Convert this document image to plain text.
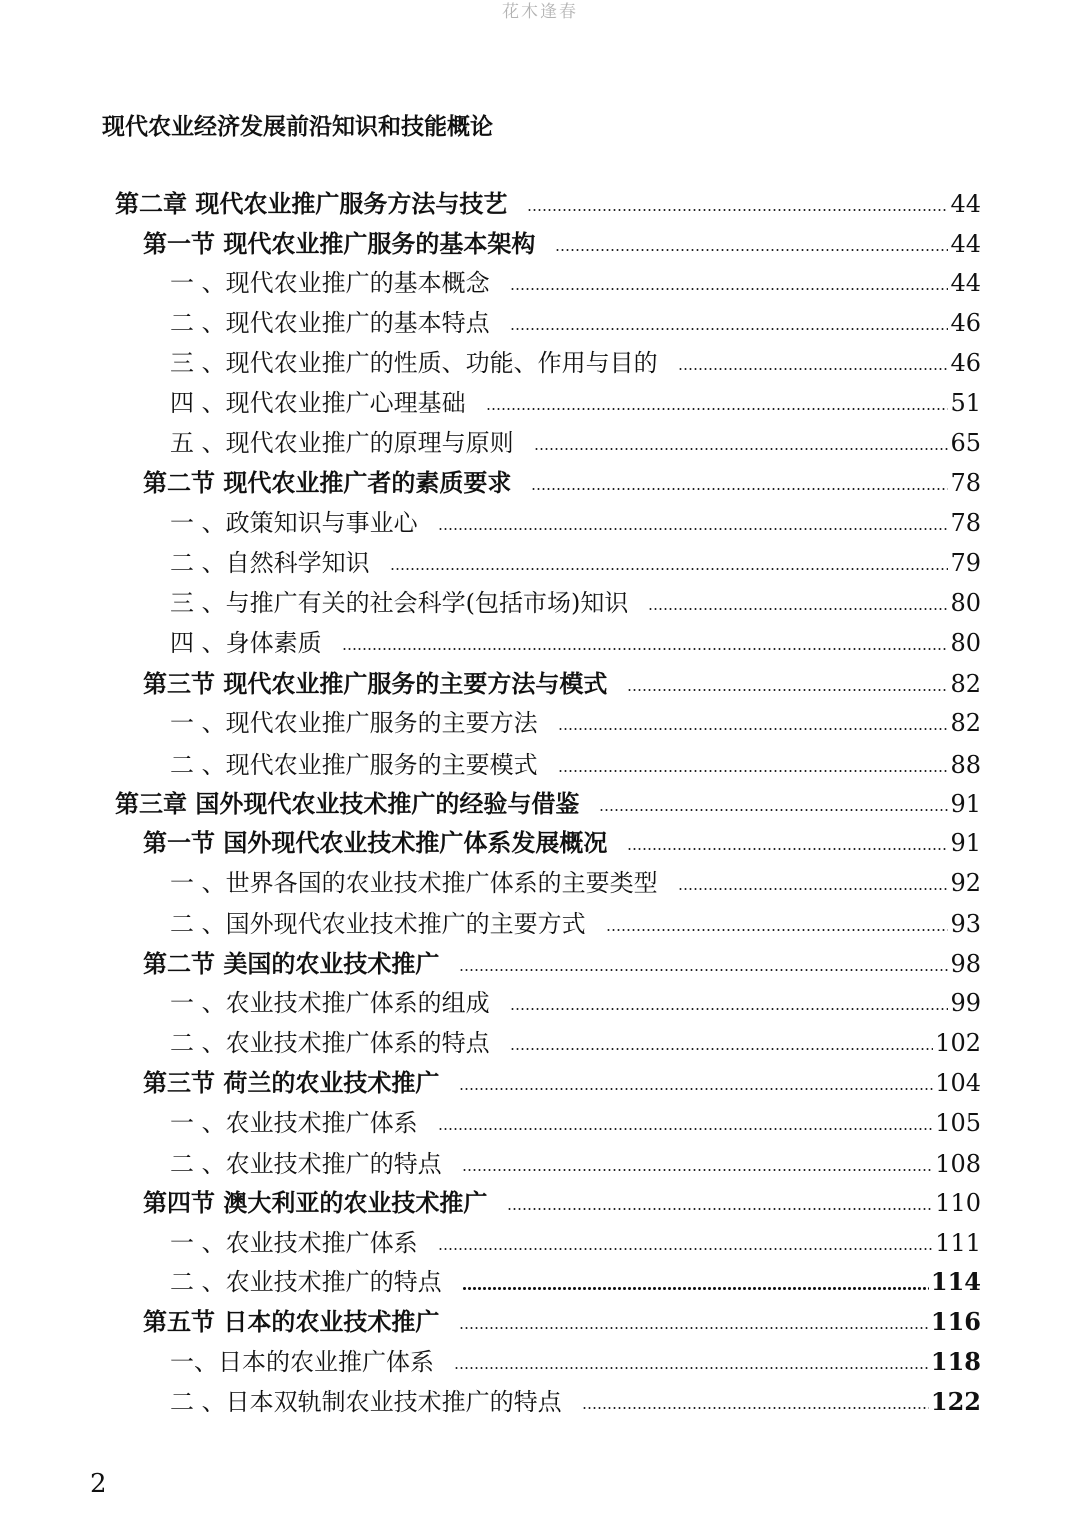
花木逢春
现代农业经济发展前沿知识和技能概论
第二章 现代农业推广服务方法与技艺	44
第一节 现代农业推广服务的基本架构	44
一 、现代农业推广的基本概念	44
二 、现代农业推广的基本特点	46
三 、现代农业推广的性质、功能、作用与目的	46
四 、现代农业推广心理基础	51
五 、现代农业推广的原理与原则	65
第二节 现代农业推广者的素质要求	78
一 、政策知识与事业心	78
二 、自然科学知识	79
三 、与推广有关的社会科学(包括市场)知识	80
四 、身体素质	80
第三节 现代农业推广服务的主要方法与模式	82
一 、现代农业推广服务的主要方法	82
二 、现代农业推广服务的主要模式	88
第三章 国外现代农业技术推广的经验与借鉴	91
第一节 国外现代农业技术推广体系发展概况	91
一 、世界各国的农业技术推广体系的主要类型	92
二 、国外现代农业技术推广的主要方式	93
第二节 美国的农业技术推广	98
一 、农业技术推广体系的组成	99
二 、农业技术推广体系的特点	102
第三节 荷兰的农业技术推广	104
一 、农业技术推广体系	105
二 、农业技术推广的特点	108
第四节 澳大利亚的农业技术推广	110
一 、农业技术推广体系	111
二 、农业技术推广的特点	114
第五节 日本的农业技术推广	116
一、日本的农业推广体系	118
二 、日本双轨制农业技术推广的特点	122
2
